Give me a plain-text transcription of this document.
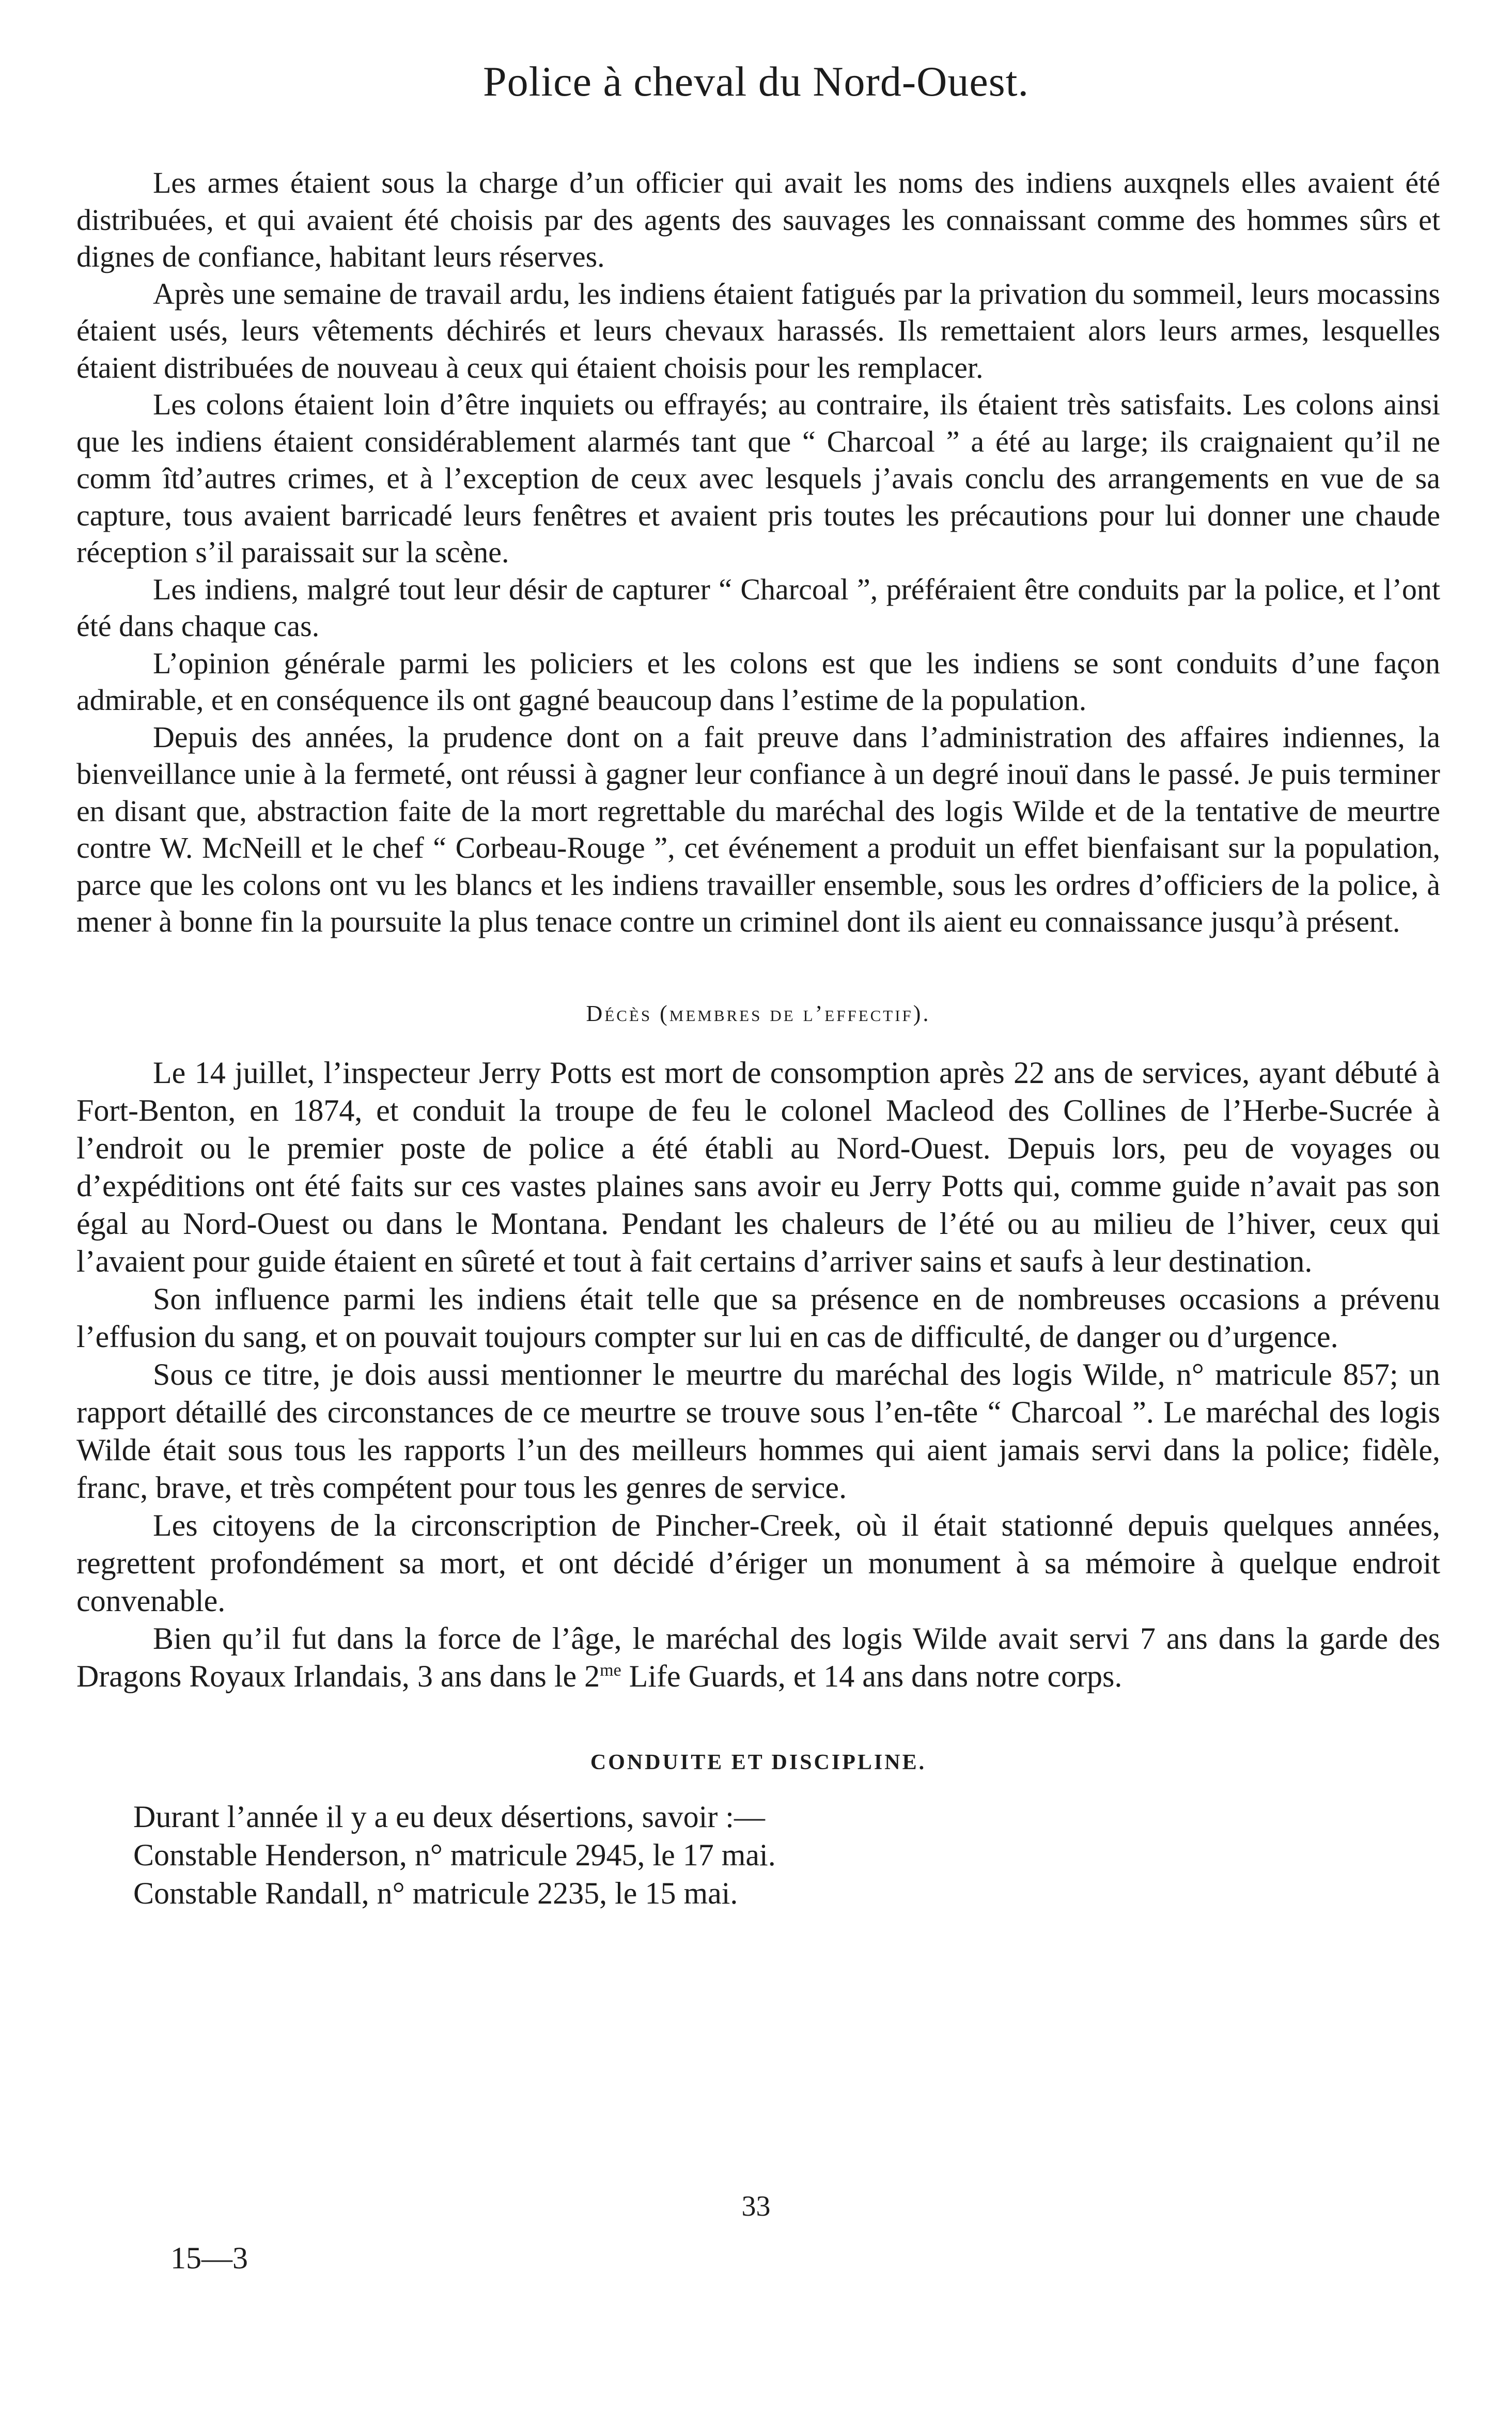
Police à cheval du Nord-Ouest.

Les armes étaient sous la charge d’un officier qui avait les noms des indiens auxqnels elles avaient été distribuées, et qui avaient été choisis par des agents des sauvages les connaissant comme des hommes sûrs et dignes de confiance, habitant leurs réserves.

Après une semaine de travail ardu, les indiens étaient fatigués par la privation du sommeil, leurs mocassins étaient usés, leurs vêtements déchirés et leurs chevaux harassés. Ils remettaient alors leurs armes, lesquelles étaient distribuées de nouveau à ceux qui étaient choisis pour les remplacer.

Les colons étaient loin d’être inquiets ou effrayés; au contraire, ils étaient très satisfaits. Les colons ainsi que les indiens étaient considérablement alarmés tant que “ Charcoal ” a été au large; ils craignaient qu’il ne comm îtd’autres crimes, et à l’exception de ceux avec lesquels j’avais conclu des arrangements en vue de sa capture, tous avaient barricadé leurs fenêtres et avaient pris toutes les précautions pour lui donner une chaude réception s’il paraissait sur la scène.

Les indiens, malgré tout leur désir de capturer “ Charcoal ”, préféraient être conduits par la police, et l’ont été dans chaque cas.

L’opinion générale parmi les policiers et les colons est que les indiens se sont conduits d’une façon admirable, et en conséquence ils ont gagné beaucoup dans l’estime de la population.

Depuis des années, la prudence dont on a fait preuve dans l’administration des affaires indiennes, la bienveillance unie à la fermeté, ont réussi à gagner leur confiance à un degré inouï dans le passé. Je puis terminer en disant que, abstraction faite de la mort regrettable du maréchal des logis Wilde et de la tentative de meurtre contre W. McNeill et le chef “ Corbeau-Rouge ”, cet événement a produit un effet bienfaisant sur la population, parce que les colons ont vu les blancs et les indiens travailler ensemble, sous les ordres d’officiers de la police, à mener à bonne fin la poursuite la plus tenace contre un criminel dont ils aient eu connaissance jusqu’à présent.

Décès (membres de l’effectif).

Le 14 juillet, l’inspecteur Jerry Potts est mort de consomption après 22 ans de services, ayant débuté à Fort-Benton, en 1874, et conduit la troupe de feu le colonel Macleod des Collines de l’Herbe-Sucrée à l’endroit ou le premier poste de police a été établi au Nord-Ouest. Depuis lors, peu de voyages ou d’expéditions ont été faits sur ces vastes plaines sans avoir eu Jerry Potts qui, comme guide n’avait pas son égal au Nord-Ouest ou dans le Montana. Pendant les chaleurs de l’été ou au milieu de l’hiver, ceux qui l’avaient pour guide étaient en sûreté et tout à fait certains d’arriver sains et saufs à leur destination.

Son influence parmi les indiens était telle que sa présence en de nombreuses occasions a prévenu l’effusion du sang, et on pouvait toujours compter sur lui en cas de difficulté, de danger ou d’urgence.

Sous ce titre, je dois aussi mentionner le meurtre du maréchal des logis Wilde, n° matricule 857; un rapport détaillé des circonstances de ce meurtre se trouve sous l’en-tête “ Charcoal ”. Le maréchal des logis Wilde était sous tous les rapports l’un des meilleurs hommes qui aient jamais servi dans la police; fidèle, franc, brave, et très compétent pour tous les genres de service.

Les citoyens de la circonscription de Pincher-Creek, où il était stationné depuis quelques années, regrettent profondément sa mort, et ont décidé d’ériger un monument à sa mémoire à quelque endroit convenable.

Bien qu’il fut dans la force de l’âge, le maréchal des logis Wilde avait servi 7 ans dans la garde des Dragons Royaux Irlandais, 3 ans dans le $2^{me}$ Life Guards, et 14 ans dans notre corps.

CONDUITE ET DISCIPLINE.
Durant l’année il y a eu deux désertions, savoir :—
Constable Henderson, n° matricule 2945, le 17 mai.
Constable Randall, n° matricule 2235, le 15 mai.
33
15—3
